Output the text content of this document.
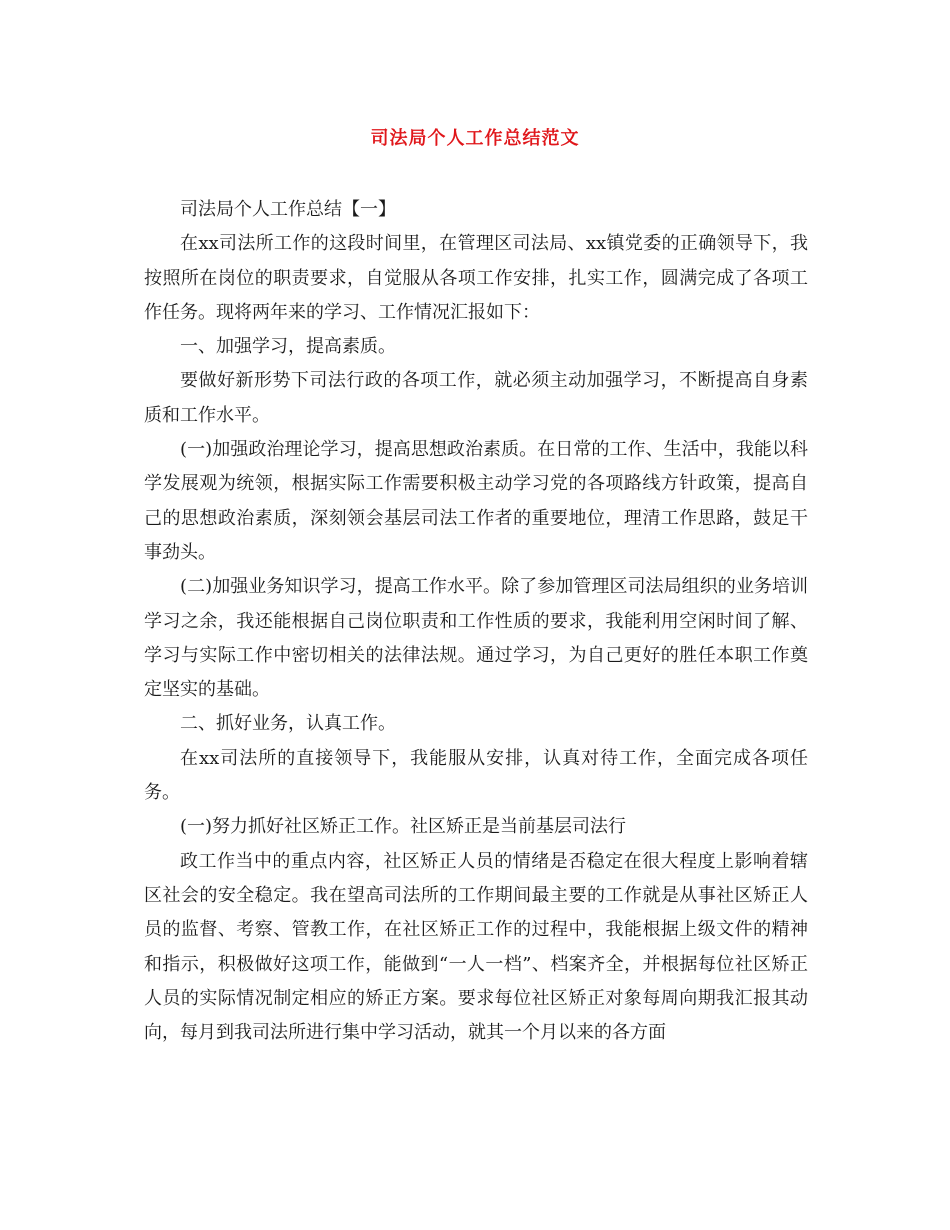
司法局个人工作总结范文

司法局个人工作总结【一】

在xx司法所工作的这段时间里，在管理区司法局、xx镇党委的正确领导下，我按照所在岗位的职责要求，自觉服从各项工作安排，扎实工作，圆满完成了各项工作任务。现将两年来的学习、工作情况汇报如下：

一、加强学习，提高素质。

要做好新形势下司法行政的各项工作，就必须主动加强学习，不断提高自身素质和工作水平。

(一)加强政治理论学习，提高思想政治素质。在日常的工作、生活中，我能以科学发展观为统领，根据实际工作需要积极主动学习党的各项路线方针政策，提高自己的思想政治素质，深刻领会基层司法工作者的重要地位，理清工作思路，鼓足干事劲头。

(二)加强业务知识学习，提高工作水平。除了参加管理区司法局组织的业务培训学习之余，我还能根据自己岗位职责和工作性质的要求，我能利用空闲时间了解、学习与实际工作中密切相关的法律法规。通过学习，为自己更好的胜任本职工作奠定坚实的基础。

二、抓好业务，认真工作。

在xx司法所的直接领导下，我能服从安排，认真对待工作，全面完成各项任务。

(一)努力抓好社区矫正工作。社区矫正是当前基层司法行

政工作当中的重点内容，社区矫正人员的情绪是否稳定在很大程度上影响着辖区社会的安全稳定。我在望高司法所的工作期间最主要的工作就是从事社区矫正人员的监督、考察、管教工作，在社区矫正工作的过程中，我能根据上级文件的精神和指示，积极做好这项工作，能做到“一人一档”、档案齐全，并根据每位社区矫正人员的实际情况制定相应的矫正方案。要求每位社区矫正对象每周向期我汇报其动向，每月到我司法所进行集中学习活动，就其一个月以来的各方面
